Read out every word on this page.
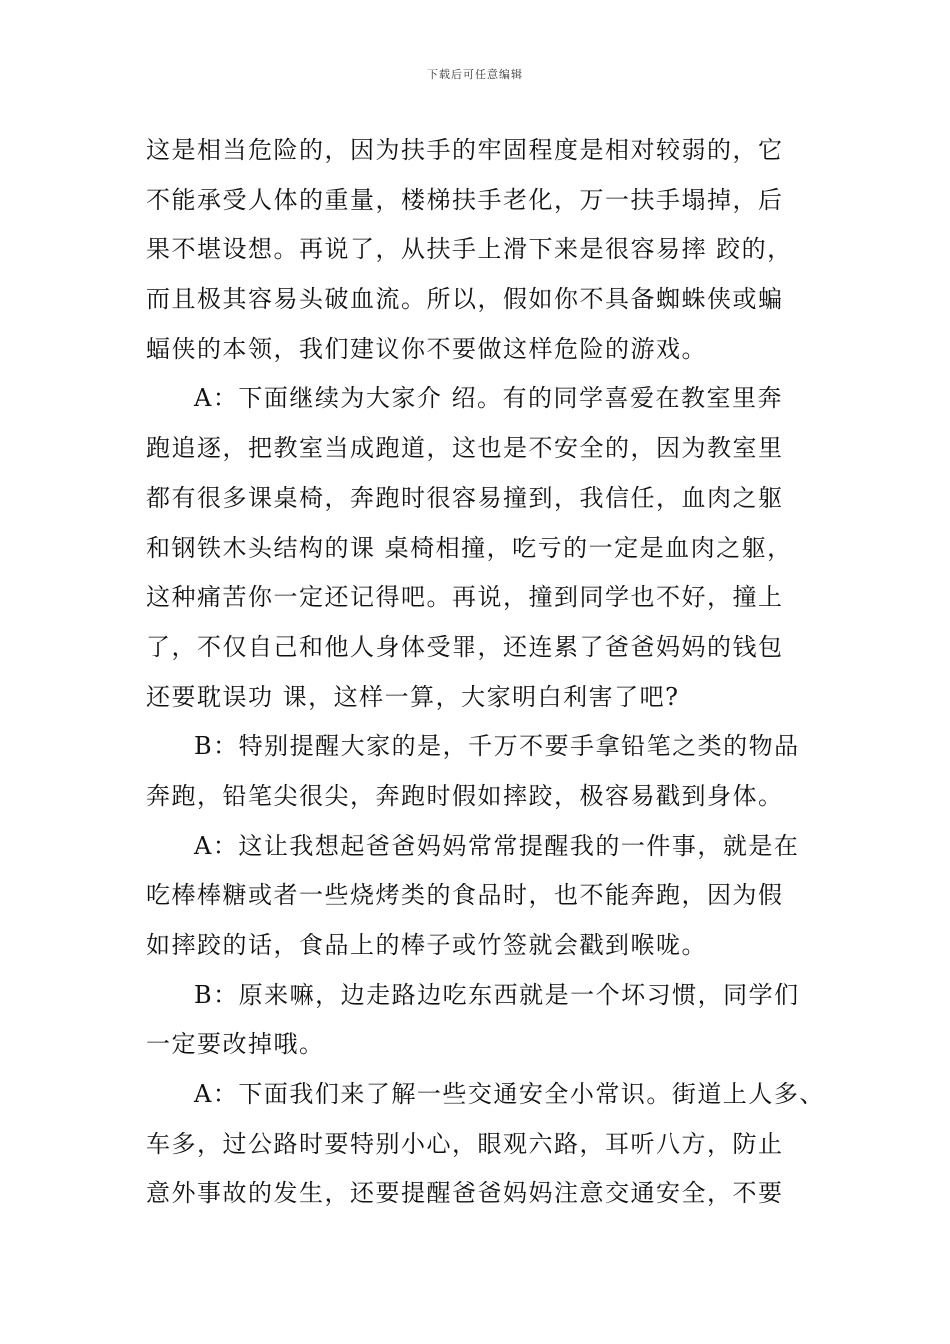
下载后可任意编辑
这是相当危险的，因为扶手的牢固程度是相对较弱的，它
不能承受人体的重量，楼梯扶手老化，万一扶手塌掉，后
果不堪设想。再说了，从扶手上滑下来是很容易摔 跤的，
而且极其容易头破血流。所以，假如你不具备蜘蛛侠或蝙
蝠侠的本领，我们建议你不要做这样危险的游戏。
A：下面继续为大家介 绍。有的同学喜爱在教室里奔
跑追逐，把教室当成跑道，这也是不安全的，因为教室里
都有很多课桌椅，奔跑时很容易撞到，我信任，血肉之躯
和钢铁木头结构的课 桌椅相撞，吃亏的一定是血肉之躯，
这种痛苦你一定还记得吧。再说，撞到同学也不好，撞上
了，不仅自己和他人身体受罪，还连累了爸爸妈妈的钱包
还要耽误功 课，这样一算，大家明白利害了吧?
B：特别提醒大家的是，千万不要手拿铅笔之类的物品
奔跑，铅笔尖很尖，奔跑时假如摔跤，极容易戳到身体。
A：这让我想起爸爸妈妈常常提醒我的一件事，就是在
吃棒棒糖或者一些烧烤类的食品时，也不能奔跑，因为假
如摔跤的话，食品上的棒子或竹签就会戳到喉咙。
B：原来嘛，边走路边吃东西就是一个坏习惯，同学们
一定要改掉哦。
A：下面我们来了解一些交通安全小常识。街道上人多、
车多，过公路时要特别小心，眼观六路，耳听八方，防止
意外事故的发生，还要提醒爸爸妈妈注意交通安全，不要
